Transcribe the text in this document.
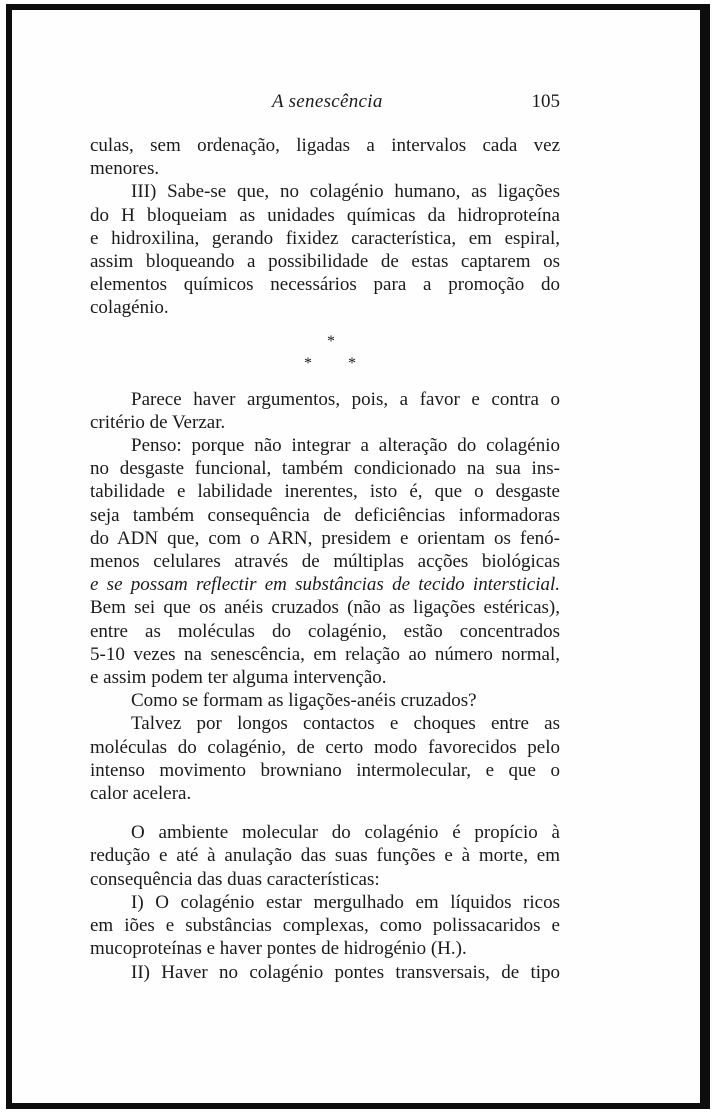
A senescência	105

culas, sem ordenação, ligadas a intervalos cada vez

menores.

III) Sabe-se que, no colagénio humano, as ligações

do H bloqueiam as unidades químicas da hidroproteína

e hidroxilina, gerando fixidez característica, em espiral,

assim bloqueando a possibilidade de estas captarem os

elementos químicos necessários para a promoção do

colagénio.

*
* *

Parece haver argumentos, pois, a favor e contra o

critério de Verzar.

Penso: porque não integrar a alteração do colagénio

no desgaste funcional, também condicionado na sua ins-

tabilidade e labilidade inerentes, isto é, que o desgaste

seja também consequência de deficiências informadoras

do ADN que, com o ARN, presidem e orientam os fenó-

menos celulares através de múltiplas acções biológicas

e se possam reflectir em substâncias de tecido intersticial.

Bem sei que os anéis cruzados (não as ligações estéricas),

entre as moléculas do colagénio, estão concentrados

5-10 vezes na senescência, em relação ao número normal,

e assim podem ter alguma intervenção.

Como se formam as ligações-anéis cruzados?

Talvez por longos contactos e choques entre as

moléculas do colagénio, de certo modo favorecidos pelo

intenso movimento browniano intermolecular, e que o

calor acelera.

O ambiente molecular do colagénio é propício à

redução e até à anulação das suas funções e à morte, em

consequência das duas características:

I) O colagénio estar mergulhado em líquidos ricos

em iões e substâncias complexas, como polissacaridos e

mucoproteínas e haver pontes de hidrogénio (H.).

II) Haver no colagénio pontes transversais, de tipo
